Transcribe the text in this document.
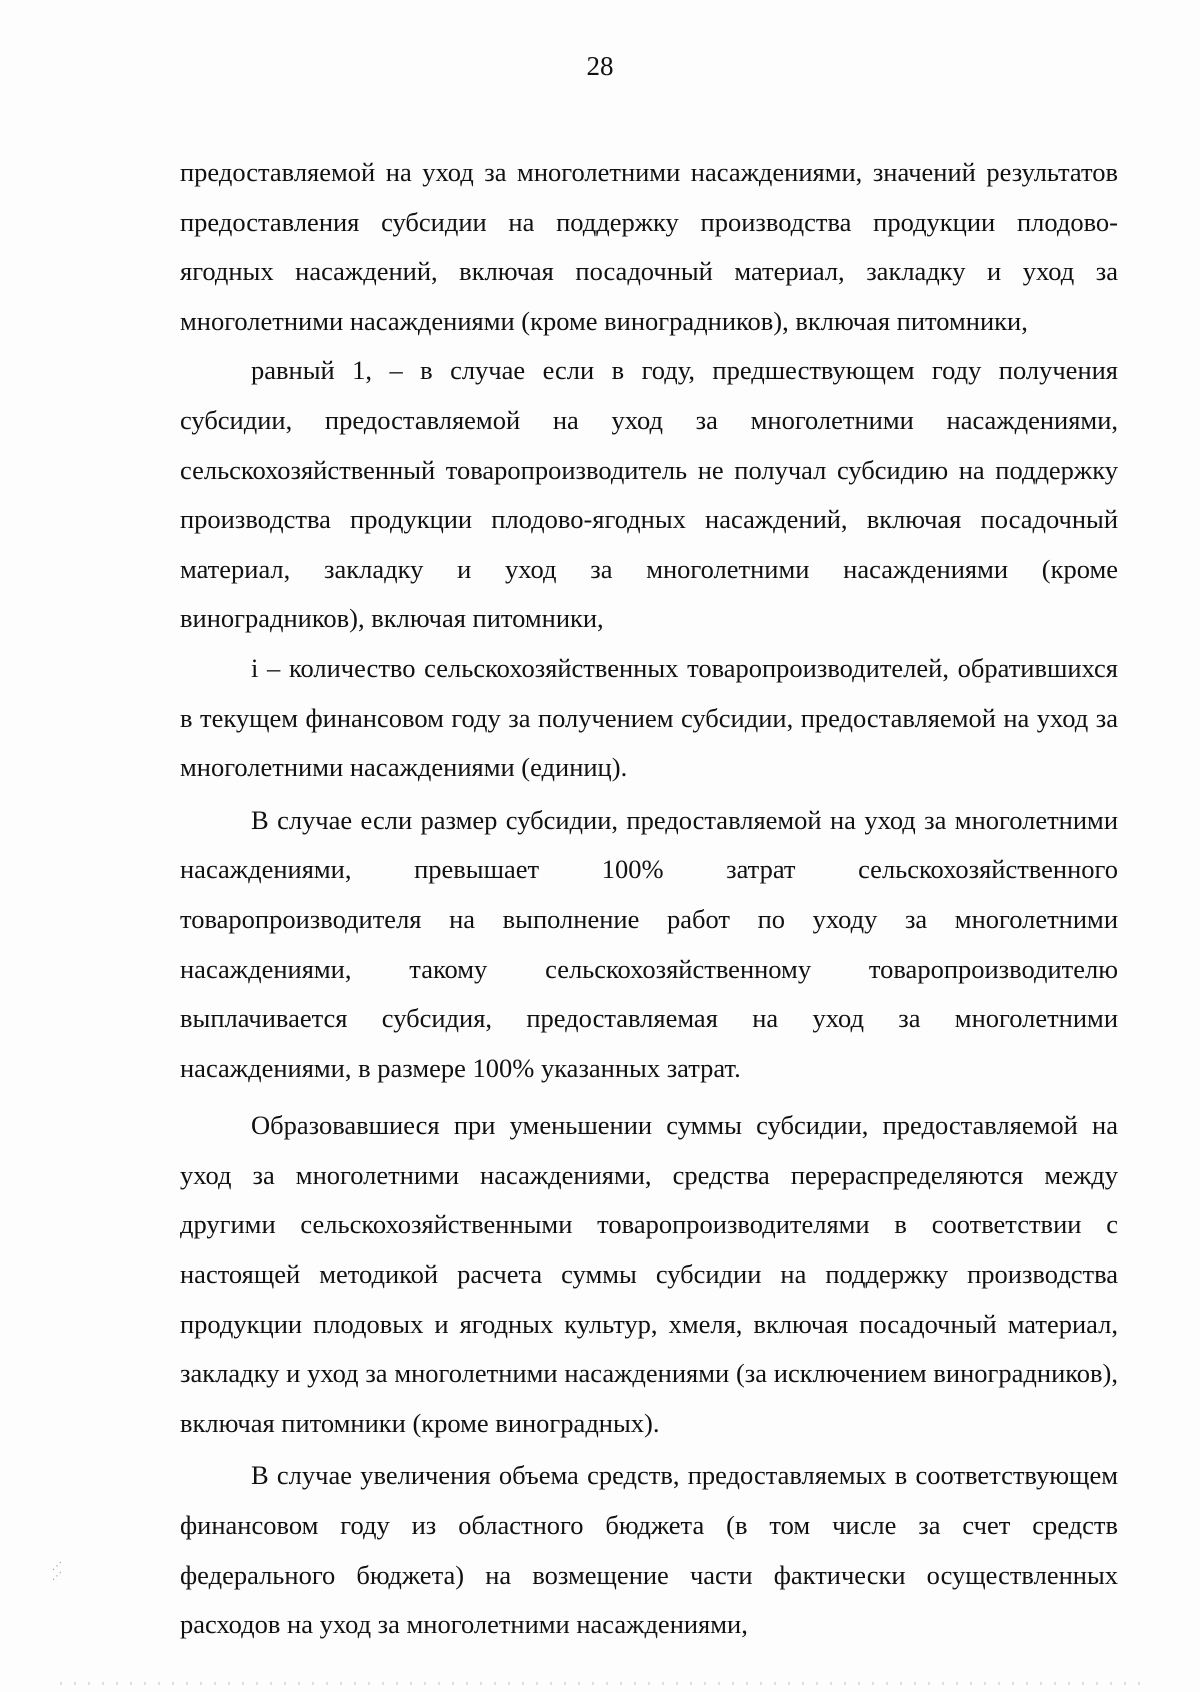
28

предоставляемой на уход за многолетними насаждениями, значений результатов предоставления субсидии на поддержку производства продукции плодово-ягодных насаждений, включая посадочный материал, закладку и уход за многолетними насаждениями (кроме виноградников), включая питомники,

равный 1, – в случае если в году, предшествующем году получения субсидии, предоставляемой на уход за многолетними насаждениями, сельскохозяйственный товаропроизводитель не получал субсидию на поддержку производства продукции плодово-ягодных насаждений, включая посадочный материал, закладку и уход за многолетними насаждениями (кроме виноградников), включая питомники,

i – количество сельскохозяйственных товаропроизводителей, обратившихся в текущем финансовом году за получением субсидии, предоставляемой на уход за многолетними насаждениями (единиц).

В случае если размер субсидии, предоставляемой на уход за многолетними насаждениями, превышает 100% затрат сельскохозяйственного товаропроизводителя на выполнение работ по уходу за многолетними насаждениями, такому сельскохозяйственному товаропроизводителю выплачивается субсидия, предоставляемая на уход за многолетними насаждениями, в размере 100% указанных затрат.

Образовавшиеся при уменьшении суммы субсидии, предоставляемой на уход за многолетними насаждениями, средства перераспределяются между другими сельскохозяйственными товаропроизводителями в соответствии с настоящей методикой расчета суммы субсидии на поддержку производства продукции плодовых и ягодных культур, хмеля, включая посадочный материал, закладку и уход за многолетними насаждениями (за исключением виноградников), включая питомники (кроме виноградных).

В случае увеличения объема средств, предоставляемых в соответствующем финансовом году из областного бюджета (в том числе за счет средств федерального бюджета) на возмещение части фактически осуществленных расходов на уход за многолетними насаждениями,

⋰
⋰
